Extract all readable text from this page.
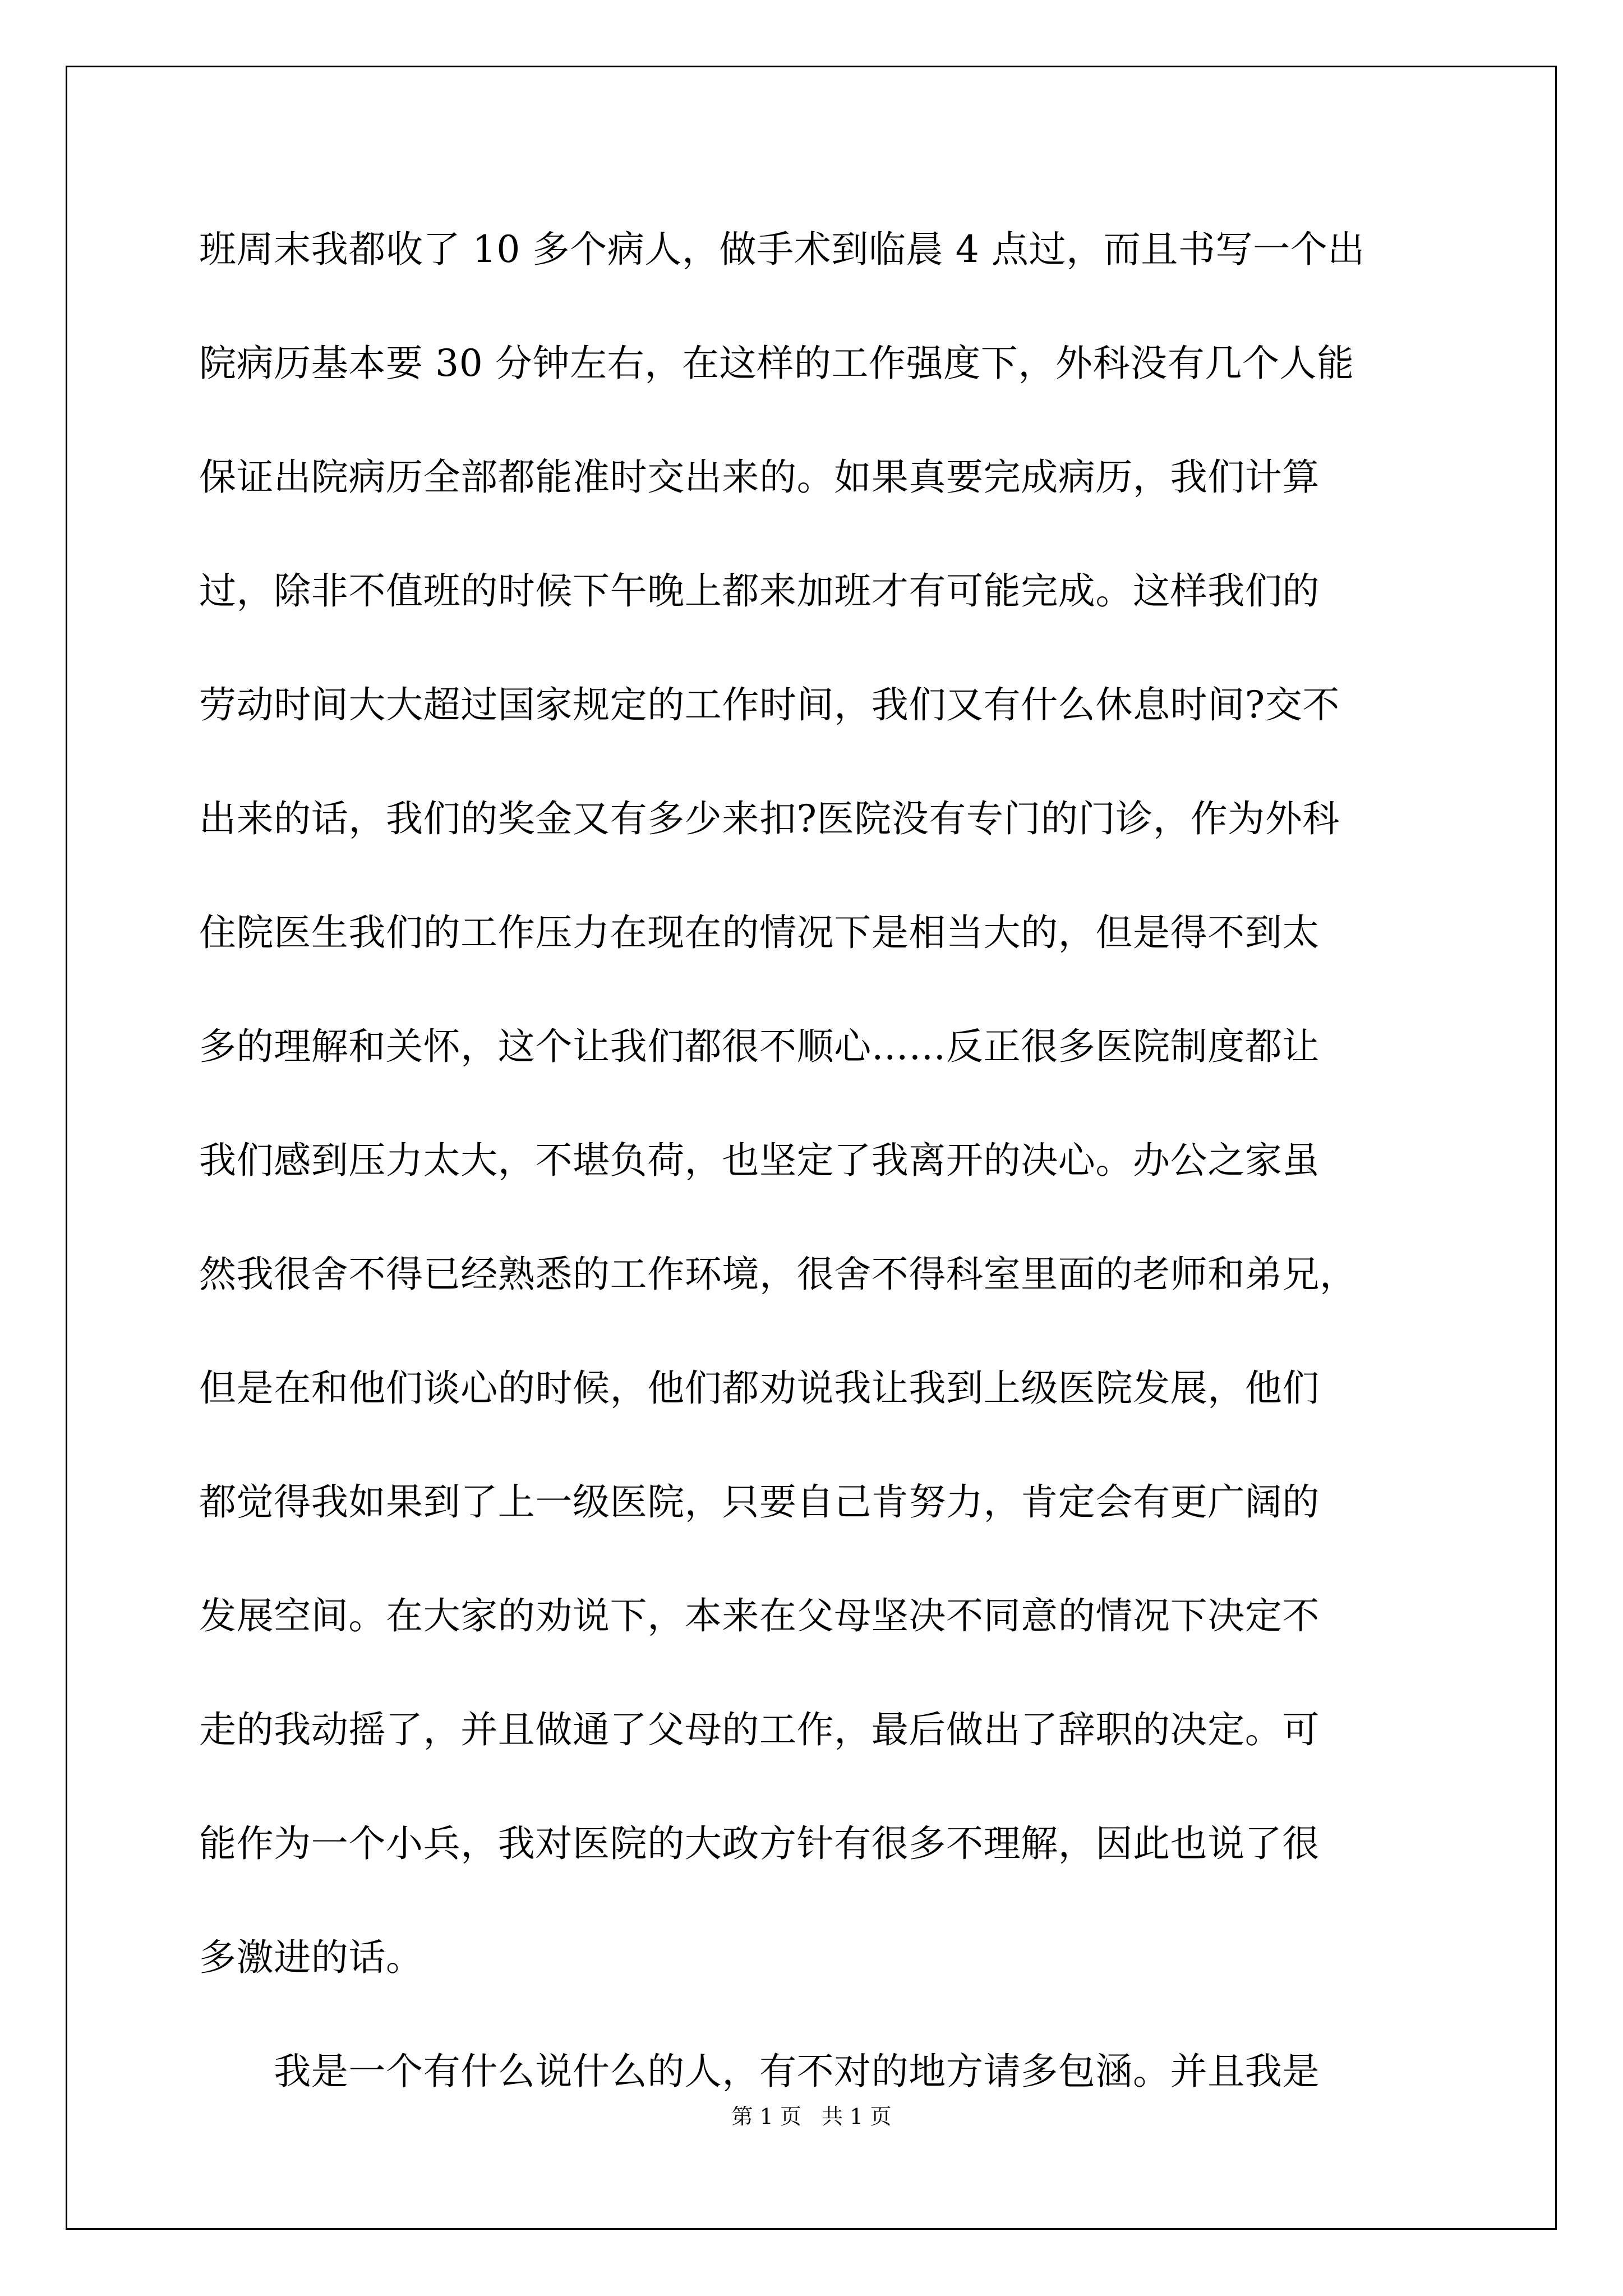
班周末我都收了 10 多个病人，做手术到临晨 4 点过，而且书写一个出
院病历基本要 30 分钟左右，在这样的工作强度下，外科没有几个人能
保证出院病历全部都能准时交出来的。如果真要完成病历，我们计算
过，除非不值班的时候下午晚上都来加班才有可能完成。这样我们的
劳动时间大大超过国家规定的工作时间，我们又有什么休息时间?交不
出来的话，我们的奖金又有多少来扣?医院没有专门的门诊，作为外科
住院医生我们的工作压力在现在的情况下是相当大的，但是得不到太
多的理解和关怀，这个让我们都很不顺心……反正很多医院制度都让
我们感到压力太大，不堪负荷，也坚定了我离开的决心。办公之家虽
然我很舍不得已经熟悉的工作环境，很舍不得科室里面的老师和弟兄，
但是在和他们谈心的时候，他们都劝说我让我到上级医院发展，他们
都觉得我如果到了上一级医院，只要自己肯努力，肯定会有更广阔的
发展空间。在大家的劝说下，本来在父母坚决不同意的情况下决定不
走的我动摇了，并且做通了父母的工作，最后做出了辞职的决定。可
能作为一个小兵，我对医院的大政方针有很多不理解，因此也说了很
多激进的话。
　　我是一个有什么说什么的人，有不对的地方请多包涵。并且我是
第 1 页   共 1 页
